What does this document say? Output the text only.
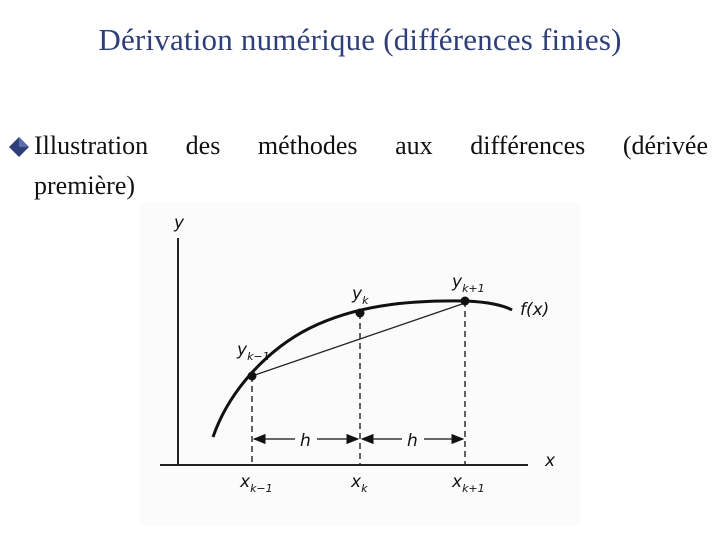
Dérivation numérique (différences finies)
Illustration des méthodes aux différences (dérivée
première)
y
x
f(x)
h	h
$y_{k-1}$
$y_k$
$y_{k+1}$
$x_{k-1}$	$x_k$	$x_{k+1}$
